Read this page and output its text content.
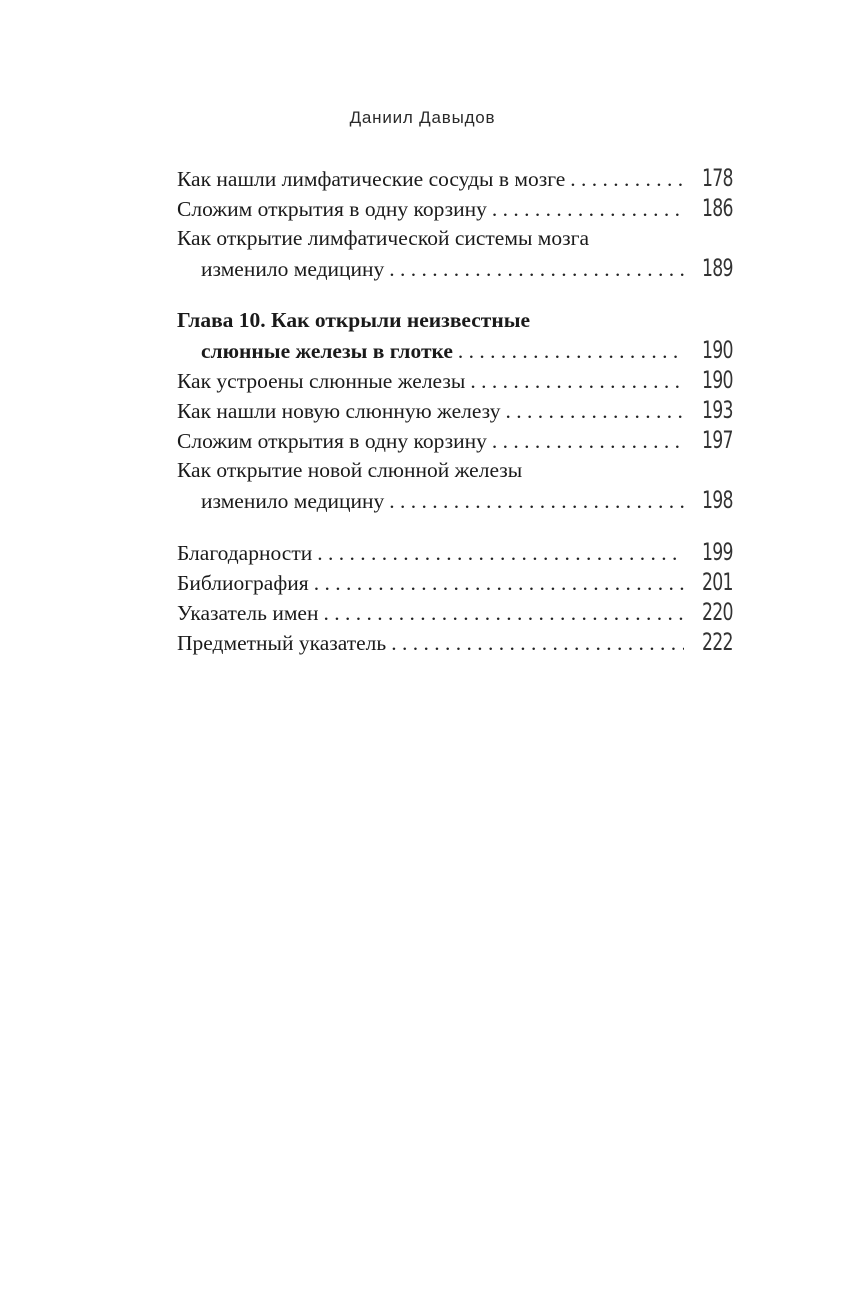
Даниил Давыдов
Как нашли лимфатические сосуды в мозге . . .	178
Сложим открытия в одну корзину . . .	186
Как открытие лимфатической системы мозга
изменило медицину . . .	189
Глава 10. Как открыли неизвестные
слюнные железы в глотке . . .	190
Как устроены слюнные железы . . .	190
Как нашли новую слюнную железу . . .	193
Сложим открытия в одну корзину . . .	197
Как открытие новой слюнной железы
изменило медицину . . .	198
Благодарности . . .	199
Библиография . . .	201
Указатель имен . . .	220
Предметный указатель . . .	222
